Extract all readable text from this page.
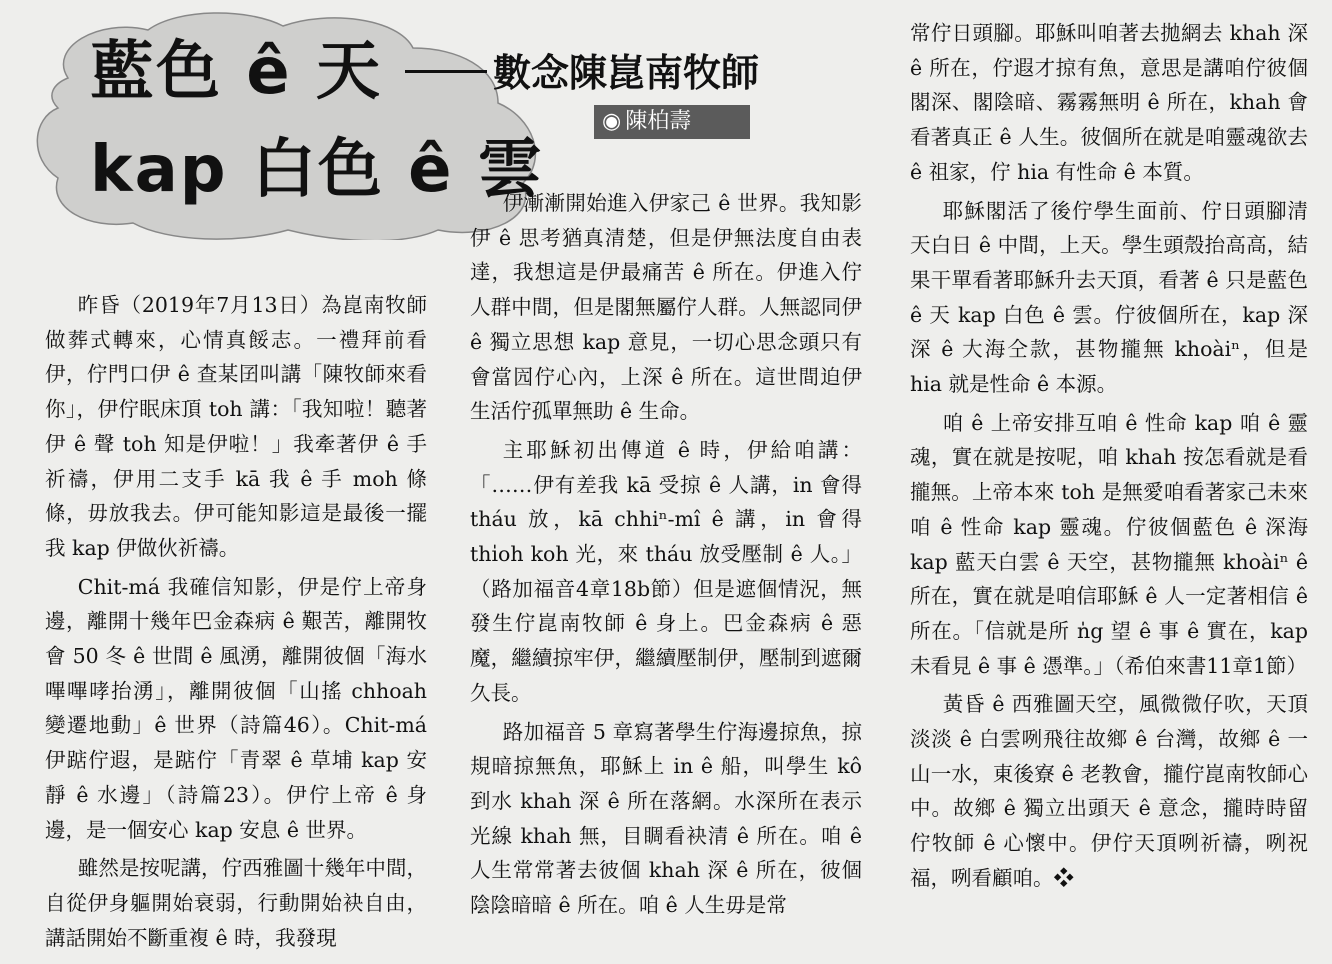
藍色 ê 天
kap 白色 ê 雲
數念陳崑南牧師
◉ 陳柏壽

昨昏（2019年7月13日）為崑南牧師做葬式轉來，心情真餒志。一禮拜前看伊，佇門口伊 ê 查某囝叫講「陳牧師來看你」，伊佇眠床頂 toh 講：「我知啦！聽著伊 ê 聲 toh 知是伊啦！」我牽著伊 ê 手祈禱，伊用二支手 kā 我 ê 手 moh 條條，毋放我去。伊可能知影這是最後一擺我 kap 伊做伙祈禱。

Chit-má 我確信知影，伊是佇上帝身邊，離開十幾年巴金森病 ê 艱苦，離開牧會 50 冬 ê 世間 ê 風湧，離開彼個「海水嗶嗶哮抬湧」，離開彼個「山搖 chhoah 變遷地動」ê 世界（詩篇46）。Chit-má 伊踮佇遐，是踮佇「青翠 ê 草埔 kap 安靜 ê 水邊」（詩篇23）。伊佇上帝 ê 身邊，是一個安心 kap 安息 ê 世界。

雖然是按呢講，佇西雅圖十幾年中間，自從伊身軀開始衰弱，行動開始袂自由，講話開始不斷重複 ê 時，我發現

伊漸漸開始進入伊家己 ê 世界。我知影伊 ê 思考猶真清楚，但是伊無法度自由表達，我想這是伊最痛苦 ê 所在。伊進入佇人群中間，但是閣無屬佇人群。人無認同伊 ê 獨立思想 kap 意見，一切心思念頭只有會當囥佇心內，上深 ê 所在。這世間迫伊生活佇孤單無助 ê 生命。

主耶穌初出傳道 ê 時，伊給咱講：「……伊有差我 kā 受掠 ê 人講，in 會得 tháu 放，kā chhiⁿ-mî ê 講，in 會得 thi̍oh koh 光，來 tháu 放受壓制 ê 人。」（路加福音4章18b節）但是遮個情況，無發生佇崑南牧師 ê 身上。巴金森病 ê 惡魔，繼續掠牢伊，繼續壓制伊，壓制到遮爾久長。

路加福音 5 章寫著學生佇海邊掠魚，掠規暗掠無魚，耶穌上 in ê 船，叫學生 kô 到水 khah 深 ê 所在落網。水深所在表示光線 khah 無，目睭看袂清 ê 所在。咱 ê 人生常常著去彼個 khah 深 ê 所在，彼個陰陰暗暗 ê 所在。咱 ê 人生毋是常

常佇日頭腳。耶穌叫咱著去拋網去 khah 深 ê 所在，佇遐才掠有魚，意思是講咱佇彼個閣深、閣陰暗、霧霧無明 ê 所在，khah 會看著真正 ê 人生。彼個所在就是咱靈魂欲去 ê 祖家，佇 hia 有性命 ê 本質。

耶穌閣活了後佇學生面前、佇日頭腳清天白日 ê 中間，上天。學生頭殼抬高高，結果干單看著耶穌升去天頂，看著 ê 只是藍色 ê 天 kap 白色 ê 雲。佇彼個所在，kap 深深 ê 大海仝款，甚物攏無 khoàiⁿ，但是 hia 就是性命 ê 本源。

咱 ê 上帝安排互咱 ê 性命 kap 咱 ê 靈魂，實在就是按呢，咱 khah 按怎看就是看攏無。上帝本來 toh 是無愛咱看著家己未來咱 ê 性命 kap 靈魂。佇彼個藍色 ê 深海 kap 藍天白雲 ê 天空，甚物攏無 khoàiⁿ ê 所在，實在就是咱信耶穌 ê 人一定著相信 ê 所在。「信就是所 n̍g 望 ê 事 ê 實在，kap 未看見 ê 事 ê 憑準。」（希伯來書11章1節）

黃昏 ê 西雅圖天空，風微微仔吹，天頂淡淡 ê 白雲咧飛往故鄉 ê 台灣，故鄉 ê 一山一水，東後寮 ê 老教會，攏佇崑南牧師心中。故鄉 ê 獨立出頭天 ê 意念，攏時時留佇牧師 ê 心懷中。伊佇天頂咧祈禱，咧祝福，咧看顧咱。❖
